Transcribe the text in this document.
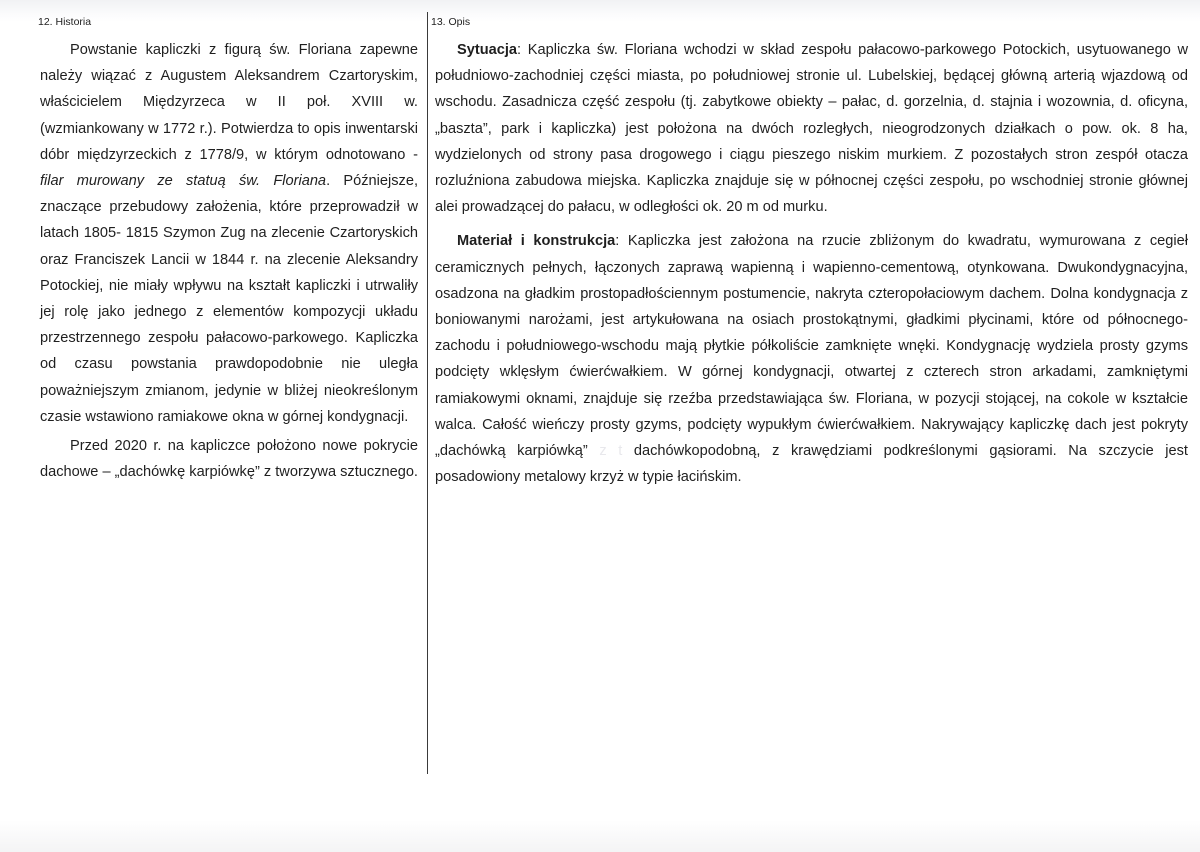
12. Historia

Powstanie kapliczki z figurą św. Floriana zapewne należy wiązać z Augustem Aleksandrem Czartoryskim, właścicielem Międzyrzeca w II poł. XVIII w. (wzmiankowany w 1772 r.). Potwierdza to opis inwentarski dóbr międzyrzeckich z 1778/9, w którym odnotowano - filar murowany ze statuą św. Floriana. Późniejsze, znaczące przebudowy założenia, które przeprowadził w latach 1805- 1815 Szymon Zug na zlecenie Czartoryskich oraz Franciszek Lancii w 1844 r. na zlecenie Aleksandry Potockiej, nie miały wpływu na kształt kapliczki i utrwaliły jej rolę jako jednego z elementów kompozycji układu przestrzennego zespołu pałacowo-parkowego. Kapliczka od czasu powstania prawdopodobnie nie uległa poważniejszym zmianom, jedynie w bliżej nieokreślonym czasie wstawiono ramiakowe okna w górnej kondygnacji.

Przed 2020 r. na kapliczce położono nowe pokrycie dachowe – „dachówkę karpiówkę” z tworzywa sztucznego.

13. Opis

Sytuacja: Kapliczka św. Floriana wchodzi w skład zespołu pałacowo-parkowego Potockich, usytuowanego w południowo-zachodniej części miasta, po południowej stronie ul. Lubelskiej, będącej główną arterią wjazdową od wschodu. Zasadnicza część zespołu (tj. zabytkowe obiekty – pałac, d. gorzelnia, d. stajnia i wozownia, d. oficyna, „baszta”, park i kapliczka) jest położona na dwóch rozległych, nieogrodzonych działkach o pow. ok. 8 ha, wydzielonych od strony pasa drogowego i ciągu pieszego niskim murkiem. Z pozostałych stron zespół otacza rozluźniona zabudowa miejska. Kapliczka znajduje się w północnej części zespołu, po wschodniej stronie głównej alei prowadzącej do pałacu, w odległości ok. 20 m od murku.

Materiał i konstrukcja: Kapliczka jest założona na rzucie zbliżonym do kwadratu, wymurowana z cegieł ceramicznych pełnych, łączonych zaprawą wapienną i wapienno-cementową, otynkowana. Dwukondygnacyjna, osadzona na gładkim prostopadłościennym postumencie, nakryta czteropołaciowym dachem. Dolna kondygnacja z boniowanymi narożami, jest artykułowana na osiach prostokątnymi, gładkimi płycinami, które od północnego-zachodu i południowego-wschodu mają płytkie półkoliście zamknięte wnęki. Kondygnację wydziela prosty gzyms podcięty wklęsłym ćwierćwałkiem. W górnej kondygnacji, otwartej z czterech stron arkadami, zamkniętymi ramiakowymi oknami, znajduje się rzeźba przedstawiająca św. Floriana, w pozycji stojącej, na cokole w kształcie walca. Całość wieńczy prosty gzyms, podcięty wypukłym ćwierćwałkiem. Nakrywający kapliczkę dach jest pokryty „dachówką karpiówką” z t dachówkopodobną, z krawędziami podkreślonymi gąsiorami. Na szczycie jest posadowiony metalowy krzyż w typie łacińskim.
